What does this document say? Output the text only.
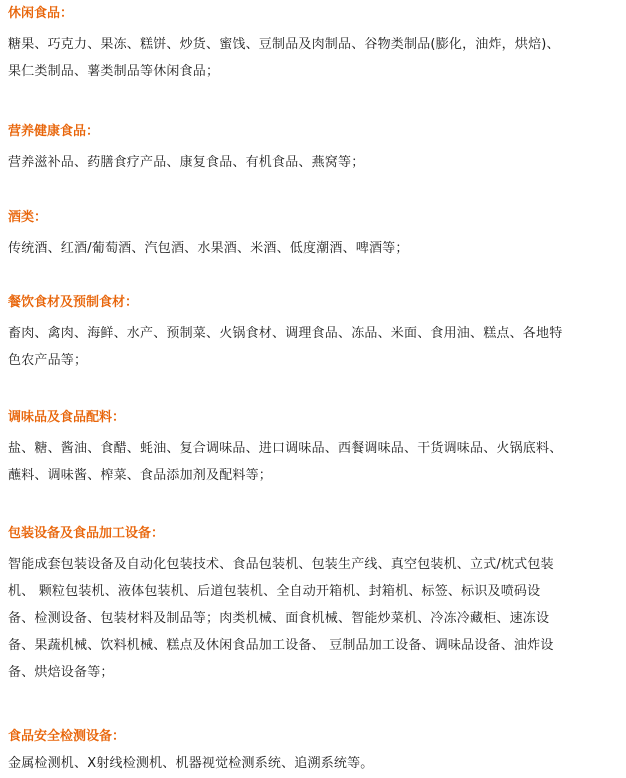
休闲食品：

糖果、巧克力、果冻、糕饼、炒货、蜜饯、豆制品及肉制品、谷物类制品(膨化，油炸，烘焙)、
果仁类制品、薯类制品等休闲食品；

营养健康食品：

营养滋补品、药膳食疗产品、康复食品、有机食品、燕窝等；

酒类：

传统酒、红酒/葡萄酒、汽包酒、水果酒、米酒、低度潮酒、啤酒等；

餐饮食材及预制食材：

畜肉、禽肉、海鲜、水产、预制菜、火锅食材、调理食品、冻品、米面、食用油、糕点、各地特
色农产品等；

调味品及食品配料：

盐、糖、酱油、食醋、蚝油、复合调味品、进口调味品、西餐调味品、干货调味品、火锅底料、
蘸料、调味酱、榨菜、食品添加剂及配料等；

包装设备及食品加工设备：

智能成套包装设备及自动化包装技术、食品包装机、包装生产线、真空包装机、立式/枕式包装
机、 颗粒包装机、液体包装机、后道包装机、全自动开箱机、封箱机、标签、标识及喷码设
备、检测设备、包装材料及制品等；肉类机械、面食机械、智能炒菜机、冷冻冷藏柜、速冻设
备、果蔬机械、饮料机械、糕点及休闲食品加工设备、 豆制品加工设备、调味品设备、油炸设
备、烘焙设备等；

食品安全检测设备：

金属检测机、X射线检测机、机器视觉检测系统、追溯系统等。
